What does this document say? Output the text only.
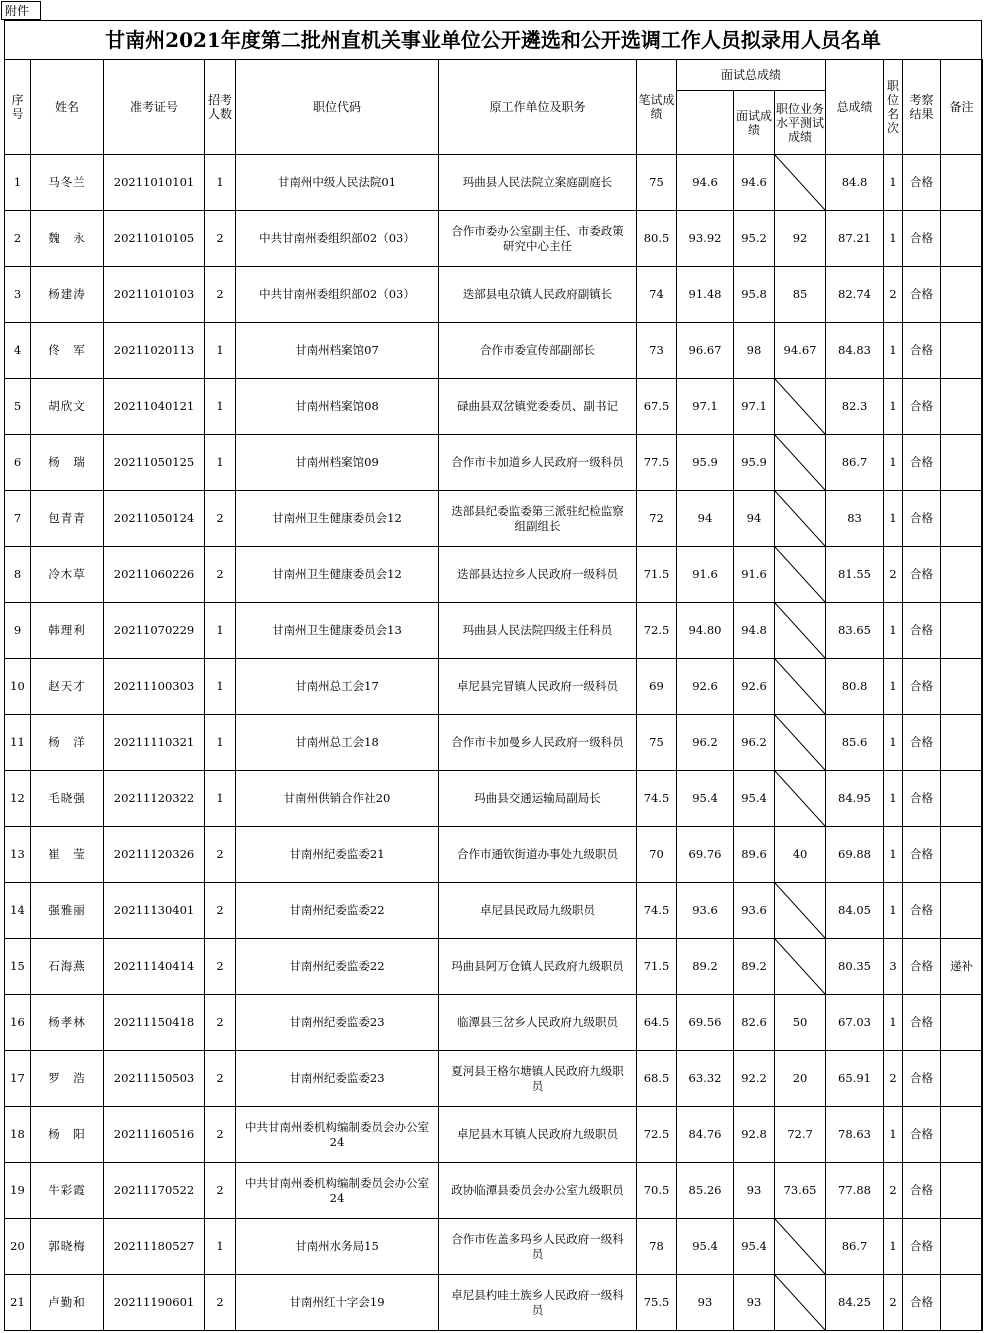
附件
甘南州2021年度第二批州直机关事业单位公开遴选和公开选调工作人员拟录用人员名单
序号	姓名	准考证号	招考人数	职位代码	原工作单位及职务	笔试成绩	面试总成绩			总成绩	职位名次	考察结果	备注
								面试成绩	职位业务水平测试成绩				
1	马冬兰	20211010101	1	甘南州中级人民法院01	玛曲县人民法院立案庭副庭长	75	94.6	94.6		84.8	1	合格	
2	魏　永	20211010105	2	中共甘南州委组织部02（03）	合作市委办公室副主任、市委政策研究中心主任	80.5	93.92	95.2	92	87.21	1	合格	
3	杨建涛	20211010103	2	中共甘南州委组织部02（03）	迭部县电尕镇人民政府副镇长	74	91.48	95.8	85	82.74	2	合格	
4	佟　军	20211020113	1	甘南州档案馆07	合作市委宣传部副部长	73	96.67	98	94.67	84.83	1	合格	
5	胡欣文	20211040121	1	甘南州档案馆08	碌曲县双岔镇党委委员、副书记	67.5	97.1	97.1		82.3	1	合格	
6	杨　瑞	20211050125	1	甘南州档案馆09	合作市卡加道乡人民政府一级科员	77.5	95.9	95.9		86.7	1	合格	
7	包青青	20211050124	2	甘南州卫生健康委员会12	迭部县纪委监委第三派驻纪检监察组副组长	72	94	94		83	1	合格	
8	冷木草	20211060226	2	甘南州卫生健康委员会12	迭部县达拉乡人民政府一级科员	71.5	91.6	91.6		81.55	2	合格	
9	韩理利	20211070229	1	甘南州卫生健康委员会13	玛曲县人民法院四级主任科员	72.5	94.80	94.8		83.65	1	合格	
10	赵天才	20211100303	1	甘南州总工会17	卓尼县完冒镇人民政府一级科员	69	92.6	92.6		80.8	1	合格	
11	杨　洋	20211110321	1	甘南州总工会18	合作市卡加曼乡人民政府一级科员	75	96.2	96.2		85.6	1	合格	
12	毛晓强	20211120322	1	甘南州供销合作社20	玛曲县交通运输局副局长	74.5	95.4	95.4		84.95	1	合格	
13	崔　莹	20211120326	2	甘南州纪委监委21	合作市通钦街道办事处九级职员	70	69.76	89.6	40	69.88	1	合格	
14	强雅丽	20211130401	2	甘南州纪委监委22	卓尼县民政局九级职员	74.5	93.6	93.6		84.05	1	合格	
15	石海燕	20211140414	2	甘南州纪委监委22	玛曲县阿万仓镇人民政府九级职员	71.5	89.2	89.2		80.35	3	合格	递补
16	杨孝林	20211150418	2	甘南州纪委监委23	临潭县三岔乡人民政府九级职员	64.5	69.56	82.6	50	67.03	1	合格	
17	罗　浩	20211150503	2	甘南州纪委监委23	夏河县王格尔塘镇人民政府九级职员	68.5	63.32	92.2	20	65.91	2	合格	
18	杨　阳	20211160516	2	中共甘南州委机构编制委员会办公室24	卓尼县木耳镇人民政府九级职员	72.5	84.76	92.8	72.7	78.63	1	合格	
19	牛彩霞	20211170522	2	中共甘南州委机构编制委员会办公室24	政协临潭县委员会办公室九级职员	70.5	85.26	93	73.65	77.88	2	合格	
20	郭晓梅	20211180527	1	甘南州水务局15	合作市佐盖多玛乡人民政府一级科员	78	95.4	95.4		86.7	1	合格	
21	卢勤和	20211190601	2	甘南州红十字会19	卓尼县杓哇土族乡人民政府一级科员	75.5	93	93		84.25	2	合格	
